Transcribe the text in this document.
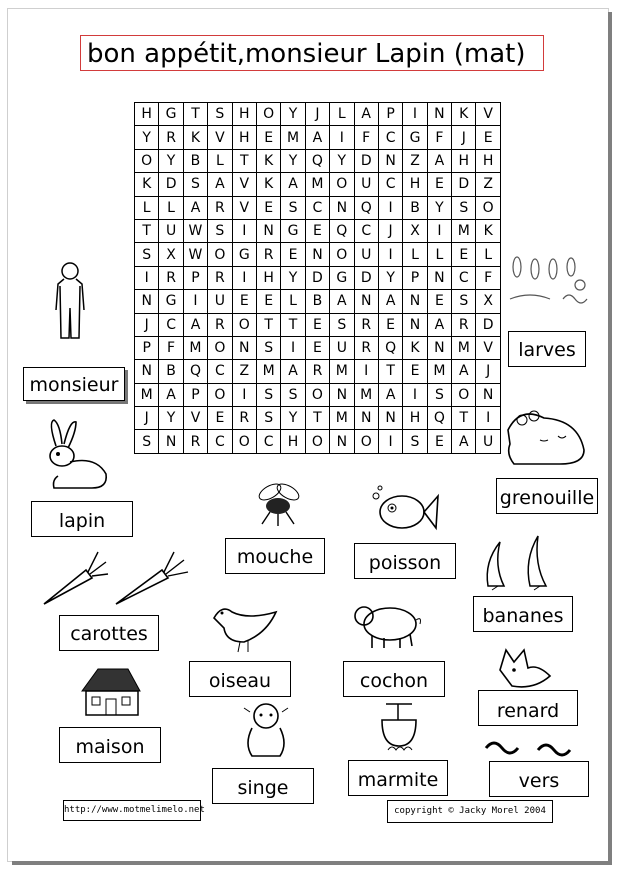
bon appétit,monsieur Lapin (mat)
H	G	T	S	H	O	Y	J	L	A	P	I	N	K	V
Y	R	K	V	H	E	M	A	I	F	C	G	F	J	E
O	Y	B	L	T	K	Y	Q	Y	D	N	Z	A	H	H
K	D	S	A	V	K	A	M	O	U	C	H	E	D	Z
L	L	A	R	V	E	S	C	N	Q	I	B	Y	S	O
T	U	W	S	I	N	G	E	Q	C	J	X	I	M	K
S	X	W	O	G	R	E	N	O	U	I	L	L	E	L
I	R	P	R	I	H	Y	D	G	D	Y	P	N	C	F
N	G	I	U	E	E	L	B	A	N	A	N	E	S	X
J	C	A	R	O	T	T	E	S	R	E	N	A	R	D
P	F	M	O	N	S	I	E	U	R	Q	K	N	M	V
N	B	Q	C	Z	M	A	R	M	I	T	E	M	A	J
M	A	P	O	I	S	S	O	N	M	A	I	S	O	N
J	Y	V	E	R	S	Y	T	M	N	N	H	Q	T	I
S	N	R	C	O	C	H	O	N	O	I	S	E	A	U
monsieur
lapin
carottes
maison
mouche
oiseau
singe
poisson
cochon
marmite
larves
grenouille
bananes
renard
vers
http://www.motmelimelo.net	copyright © Jacky Morel 2004
